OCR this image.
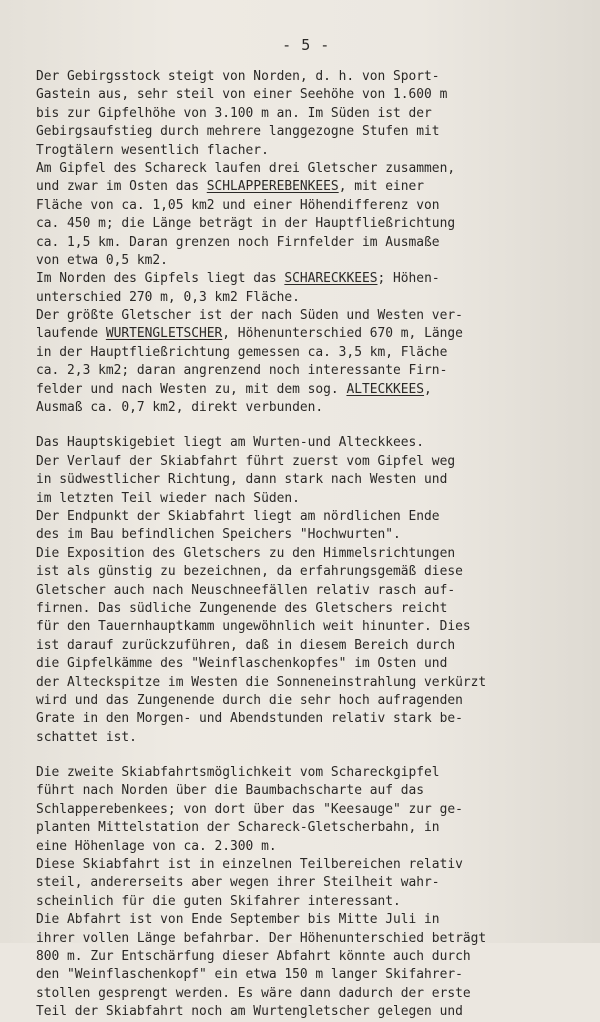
- 5 -
Der Gebirgsstock steigt von Norden, d. h. von Sport-
Gastein aus, sehr steil von einer Seehöhe von 1.600 m
bis zur Gipfelhöhe von 3.100 m an. Im Süden ist der
Gebirgsaufstieg durch mehrere langgezogne Stufen mit
Trogtälern wesentlich flacher.
Am Gipfel des Schareck laufen drei Gletscher zusammen,
und zwar im Osten das SCHLAPPEREBENKEES, mit einer
Fläche von ca. 1,05 km2 und einer Höhendifferenz von
ca. 450 m; die Länge beträgt in der Hauptfließrichtung
ca. 1,5 km. Daran grenzen noch Firnfelder im Ausmaße
von etwa 0,5 km2.
Im Norden des Gipfels liegt das SCHARECKKEES; Höhen-
unterschied 270 m, 0,3 km2 Fläche.
Der größte Gletscher ist der nach Süden und Westen ver-
laufende WURTENGLETSCHER, Höhenunterschied 670 m, Länge
in der Hauptfließrichtung gemessen ca. 3,5 km, Fläche
ca. 2,3 km2; daran angrenzend noch interessante Firn-
felder und nach Westen zu, mit dem sog. ALTECKKEES,
Ausmaß ca. 0,7 km2, direkt verbunden.
Das Hauptskigebiet liegt am Wurten-und Alteckkees.
Der Verlauf der Skiabfahrt führt zuerst vom Gipfel weg
in südwestlicher Richtung, dann stark nach Westen und
im letzten Teil wieder nach Süden.
Der Endpunkt der Skiabfahrt liegt am nördlichen Ende
des im Bau befindlichen Speichers "Hochwurten".
Die Exposition des Gletschers zu den Himmelsrichtungen
ist als günstig zu bezeichnen, da erfahrungsgemäß diese
Gletscher auch nach Neuschneefällen relativ rasch auf-
firnen. Das südliche Zungenende des Gletschers reicht
für den Tauernhauptkamm ungewöhnlich weit hinunter. Dies
ist darauf zurückzuführen, daß in diesem Bereich durch
die Gipfelkämme des "Weinflaschenkopfes" im Osten und
der Alteckspitze im Westen die Sonneneinstrahlung verkürzt
wird und das Zungenende durch die sehr hoch aufragenden
Grate in den Morgen- und Abendstunden relativ stark be-
schattet ist.
Die zweite Skiabfahrtsmöglichkeit vom Schareckgipfel
führt nach Norden über die Baumbachscharte auf das
Schlapperebenkees; von dort über das "Keesauge" zur ge-
planten Mittelstation der Schareck-Gletscherbahn, in
eine Höhenlage von ca. 2.300 m.
Diese Skiabfahrt ist in einzelnen Teilbereichen relativ
steil, andererseits aber wegen ihrer Steilheit wahr-
scheinlich für die guten Skifahrer interessant.
Die Abfahrt ist von Ende September bis Mitte Juli in
ihrer vollen Länge befahrbar. Der Höhenunterschied beträgt
800 m. Zur Entschärfung dieser Abfahrt könnte auch durch
den "Weinflaschenkopf" ein etwa 150 m langer Skifahrer-
stollen gesprengt werden. Es wäre dann dadurch der erste
Teil der Skiabfahrt noch am Wurtengletscher gelegen und
